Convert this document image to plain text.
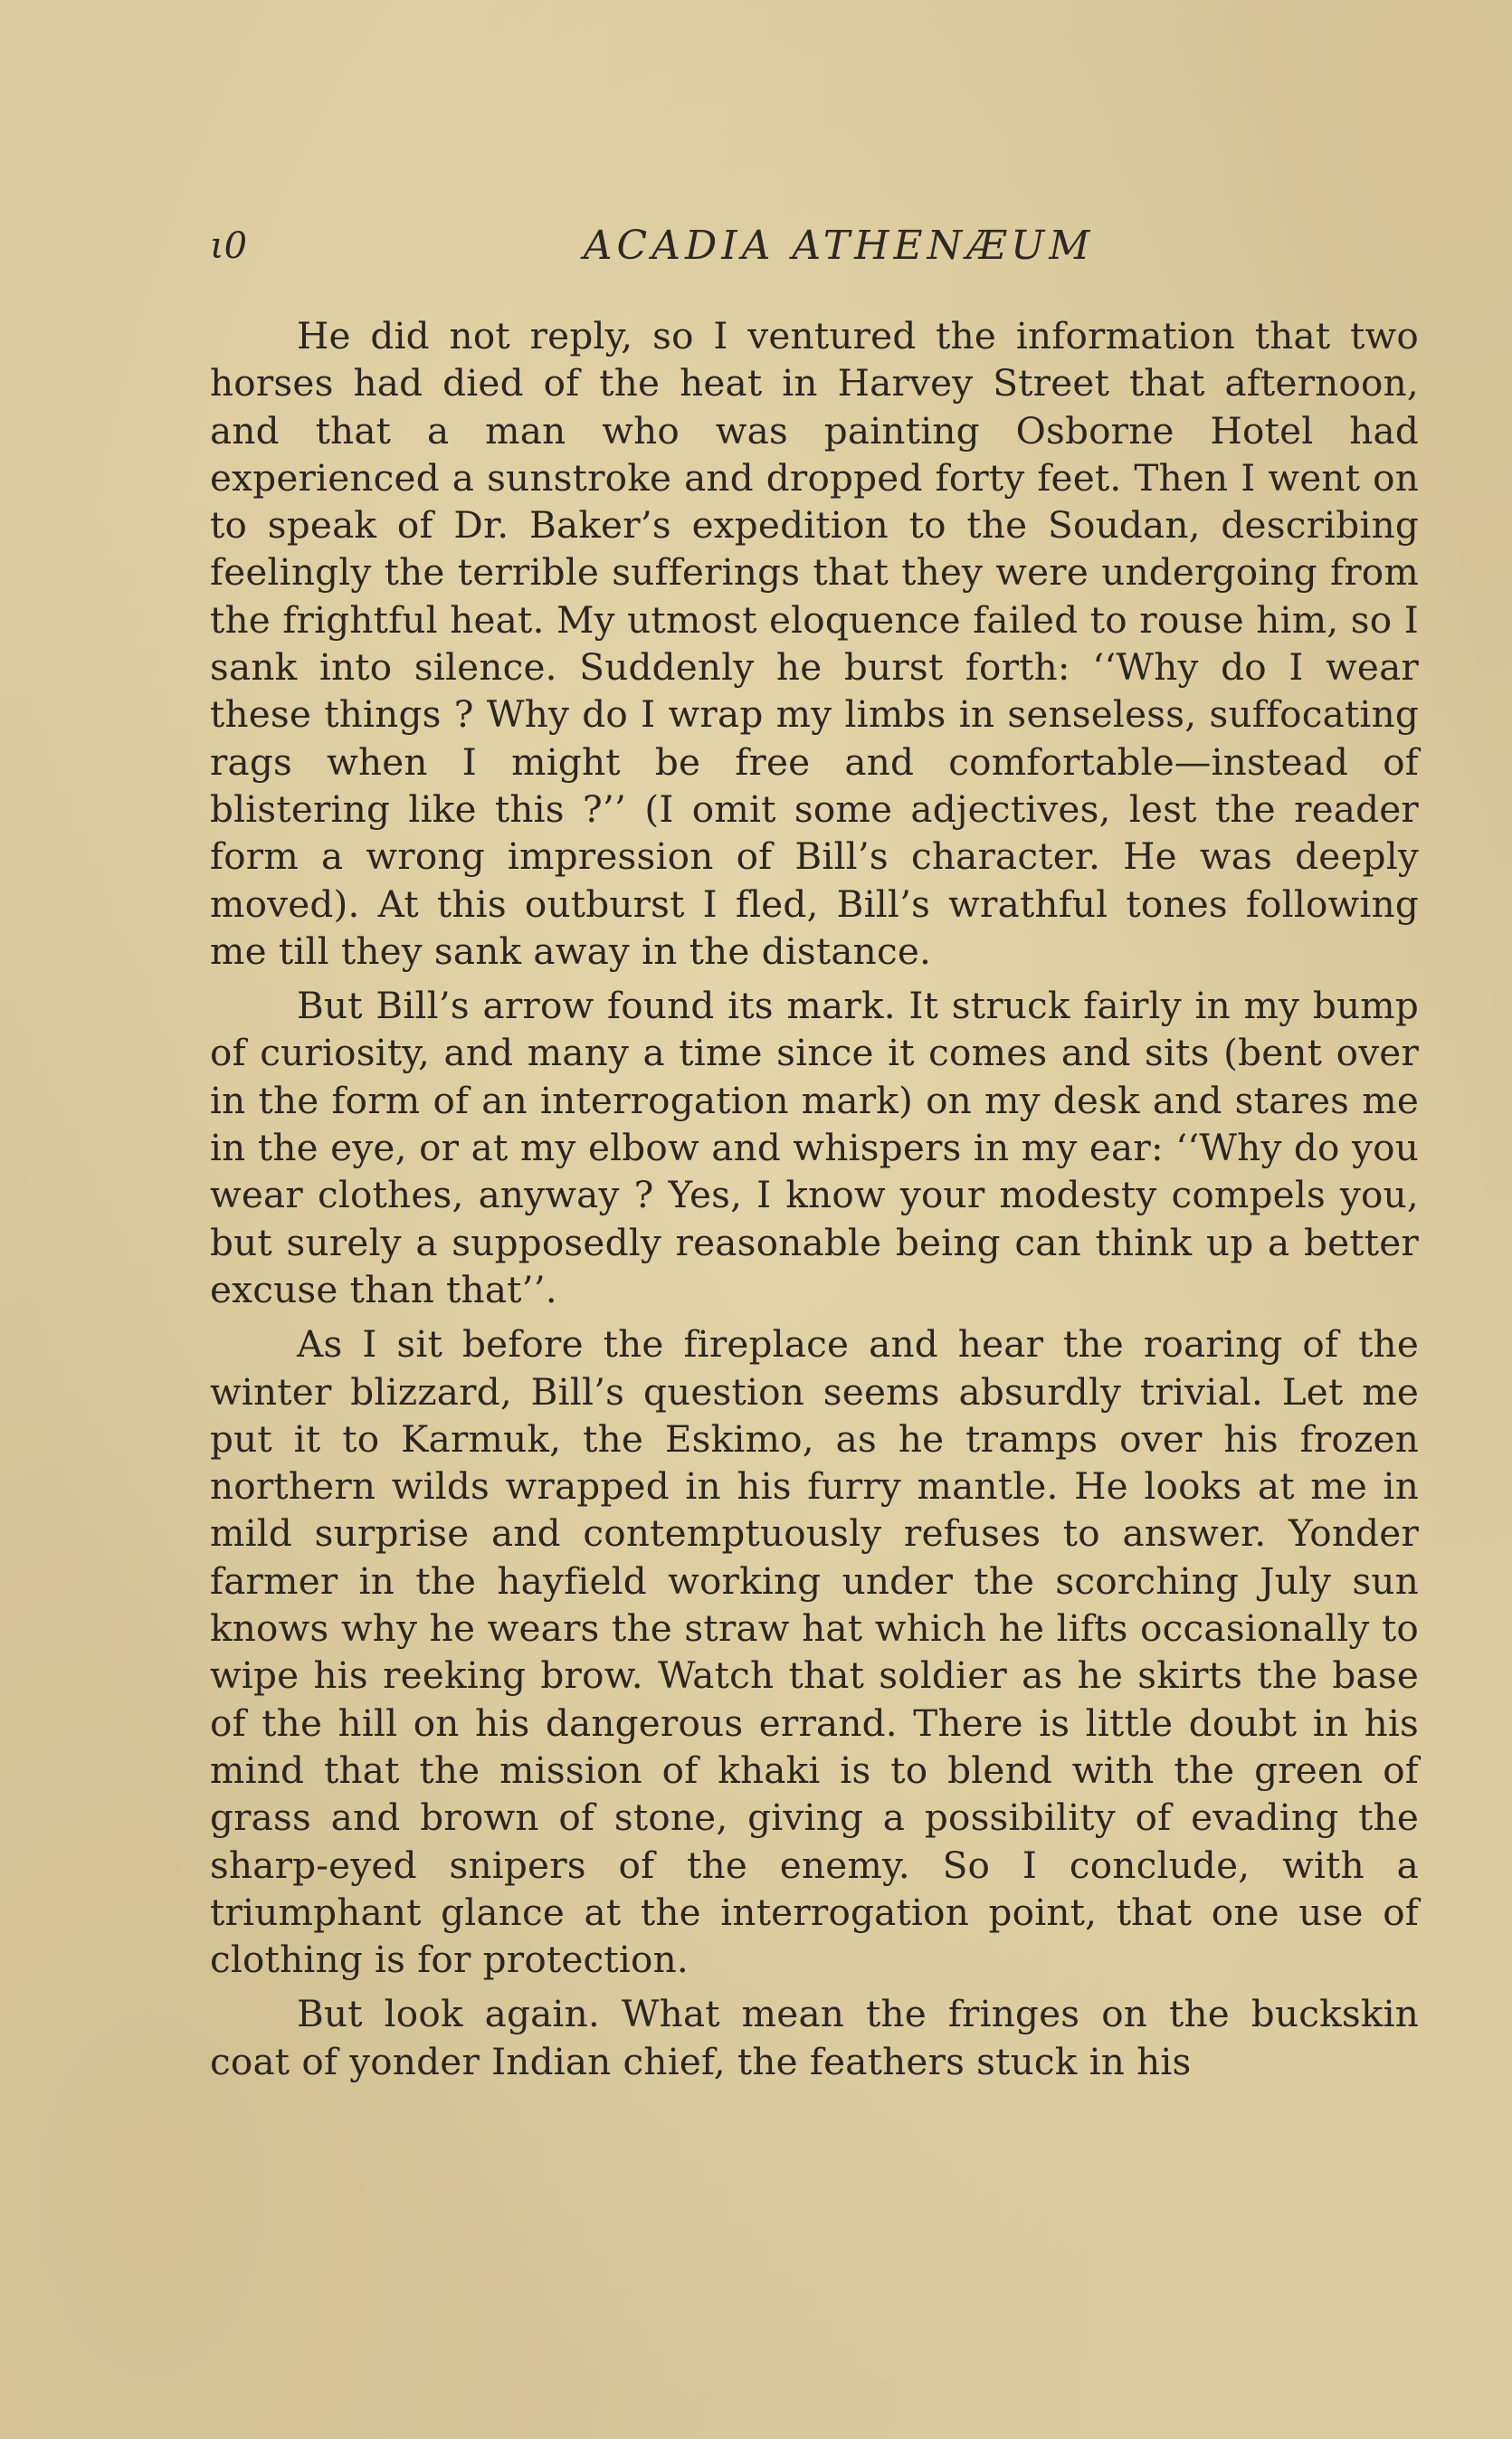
ι0	ACADIA ATHENÆUM

He did not reply, so I ventured the information that two horses had died of the heat in Harvey Street that afternoon, and that a man who was painting Osborne Hotel had experienced a sunstroke and dropped forty feet. Then I went on to speak of Dr. Baker’s expedition to the Soudan, describing feelingly the terrible sufferings that they were undergoing from the frightful heat. My utmost eloquence failed to rouse him, so I sank into silence. Suddenly he burst forth: ‘‘Why do I wear these things ? Why do I wrap my limbs in senseless, suffocating rags when I might be free and comfortable—instead of blistering like this ?’’ (I omit some adjectives, lest the reader form a wrong impression of Bill’s character. He was deeply moved). At this outburst I fled, Bill’s wrathful tones following me till they sank away in the distance.

But Bill’s arrow found its mark. It struck fairly in my bump of curiosity, and many a time since it comes and sits (bent over in the form of an interrogation mark) on my desk and stares me in the eye, or at my elbow and whispers in my ear: ‘‘Why do you wear clothes, anyway ? Yes, I know your modesty compels you, but surely a supposedly reasonable being can think up a better excuse than that’’.

As I sit before the fireplace and hear the roaring of the winter blizzard, Bill’s question seems absurdly trivial. Let me put it to Karmuk, the Eskimo, as he tramps over his frozen northern wilds wrapped in his furry mantle. He looks at me in mild surprise and contemptuously refuses to answer. Yonder farmer in the hayfield working under the scorching July sun knows why he wears the straw hat which he lifts occasionally to wipe his reeking brow. Watch that soldier as he skirts the base of the hill on his dangerous errand. There is little doubt in his mind that the mission of khaki is to blend with the green of grass and brown of stone, giving a possibility of evading the sharp-eyed snipers of the enemy. So I conclude, with a triumphant glance at the interrogation point, that one use of clothing is for protection.

But look again. What mean the fringes on the buckskin coat of yonder Indian chief, the feathers stuck in his
